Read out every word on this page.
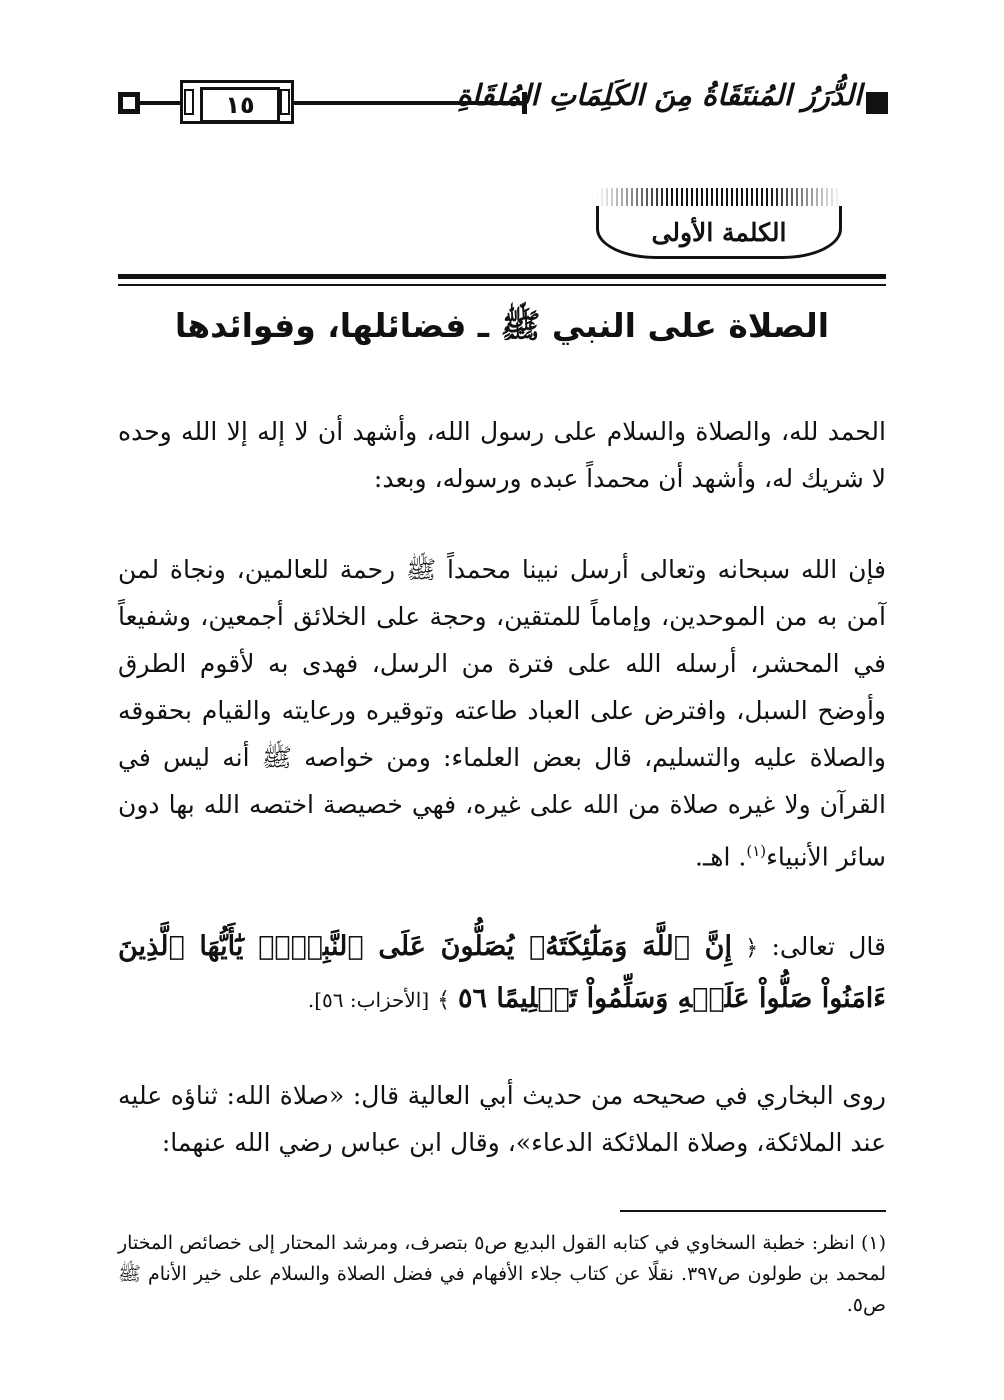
١٥	الدُّرَرُ المُنتَقَاةُ مِنَ الكَلِمَاتِ المُلقَاةِ
الكلمة الأولى
الصلاة على النبي ﷺ ـ فضائلها، وفوائدها

الحمد لله، والصلاة والسلام على رسول الله، وأشهد أن لا إله إلا الله وحده لا شريك له، وأشهد أن محمداً عبده ورسوله، وبعد:

فإن الله سبحانه وتعالى أرسل نبينا محمداً ﷺ رحمة للعالمين، ونجاة لمن آمن به من الموحدين، وإماماً للمتقين، وحجة على الخلائق أجمعين، وشفيعاً في المحشر، أرسله الله على فترة من الرسل، فهدى به لأقوم الطرق وأوضح السبل، وافترض على العباد طاعته وتوقيره ورعايته والقيام بحقوقه والصلاة عليه والتسليم، قال بعض العلماء: ومن خواصه ﷺ أنه ليس في القرآن ولا غيره صلاة من الله على غيره، فهي خصيصة اختصه الله بها دون سائر الأنبياء$^{(١)}$. اهـ.

قال تعالى: ﴿ إِنَّ ٱللَّهَ وَمَلَٰٓئِكَتَهُۥ يُصَلُّونَ عَلَى ٱلنَّبِيِّۚ يَٰٓأَيُّهَا ٱلَّذِينَ ءَامَنُواْ صَلُّواْ عَلَيۡهِ وَسَلِّمُواْ تَسۡلِيمًا ٥٦ ﴾ [الأحزاب: ٥٦].

روى البخاري في صحيحه من حديث أبي العالية قال: «صلاة الله: ثناؤه عليه عند الملائكة، وصلاة الملائكة الدعاء»، وقال ابن عباس رضي الله عنهما:

(١) انظر: خطبة السخاوي في كتابه القول البديع ص٥ بتصرف، ومرشد المحتار إلى خصائص المختار لمحمد بن طولون ص٣٩٧. نقلًا عن كتاب جلاء الأفهام في فضل الصلاة والسلام على خير الأنام ﷺ ص٥.
